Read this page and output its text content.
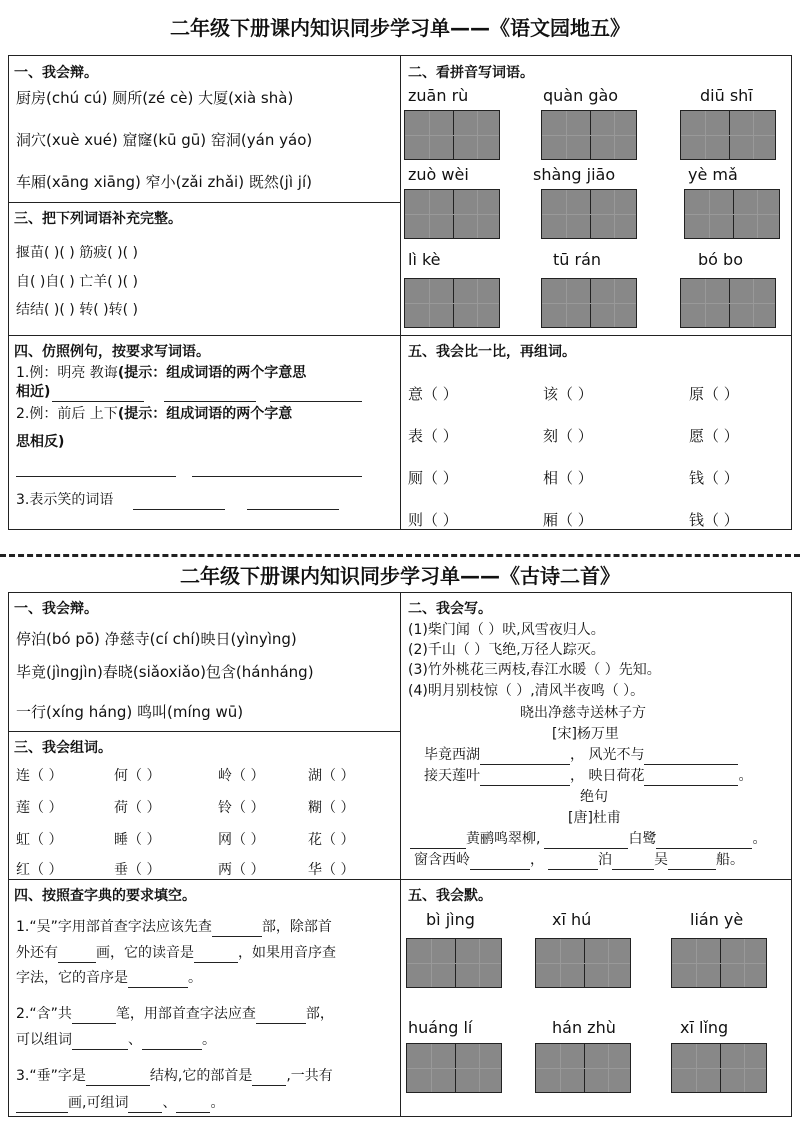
二年级下册课内知识同步学习单——《语文园地五》
一、我会辩。
厨房(chú cú) 厕所(zé cè) 大厦(xià shà)
洞穴(xuè xué) 窟窿(kū gū) 窑洞(yán yáo)
车厢(xāng xiāng) 窄小(zǎi zhǎi) 既然(jì jí)
二、看拼音写词语。
zuān rù	quàn gào	diū shī
zuò wèi	shàng jiāo	yè mǎ
lì kè	tū rán	bó bo
三、把下列词语补充完整。
揠苗( )( ) 筋疲( )( )
自( )自( ) 亡羊( )( )
结结( )( ) 转( )转( )
四、仿照例句，按要求写词语。
1.例：明亮 教诲(提示：组成词语的两个字意思
相近)
2.例：前后 上下(提示：组成词语的两个字意
思相反)
3.表示笑的词语
五、我会比一比，再组词。
意（ ）	该（ ）	原（ ）
表（ ）	刻（ ）	愿（ ）
厕（ ）	相（ ）	钱（ ）
则（ ）	厢（ ）	钱（ ）
二年级下册课内知识同步学习单——《古诗二首》
一、我会辩。
停泊(bó pō) 净慈寺(cí chí)映日(yìnyìng)
毕竟(jìngjìn)春晓(siǎoxiǎo)包含(hánháng)
一行(xíng háng) 鸣叫(míng wū)
二、我会写。
(1)柴门闻（ ）吠,风雪夜归人。
(2)千山（ ）飞绝,万径人踪灭。
(3)竹外桃花三两枝,春江水暖（ ）先知。
(4)明月别枝惊（ ）,清风半夜鸣（ ）。
晓出净慈寺送林子方
[宋]杨万里
毕竟西湖	， 风光不与
接天莲叶	， 映日荷花	。
绝句
[唐]杜甫
黄鹂鸣翠柳,	白鹭	。
窗含西岭	，	泊	吴	船。
三、我会组词。
连（ ）	何（ ）	岭（ ）	湖（ ）
莲（ ）	荷（ ）	铃（ ）	糊（ ）
虹（ ）	睡（ ）	网（ ）	花（ ）
红（ ）	垂（ ）	两（ ）	华（ ）
四、按照查字典的要求填空。
1.“吴”字用部首查字法应该先查	部，除部首
外还有	画，它的读音是	，如果用音序查
字法，它的音序是	。
2.“含”共	笔，用部首查字法应查	部，
可以组词	、	。
3.“垂”字是	结构,它的部首是 ,一共有
画,可组词 、 。
五、我会默。
bì jìng	xī hú	lián yè
huáng lí	hán zhù	xī lǐng
